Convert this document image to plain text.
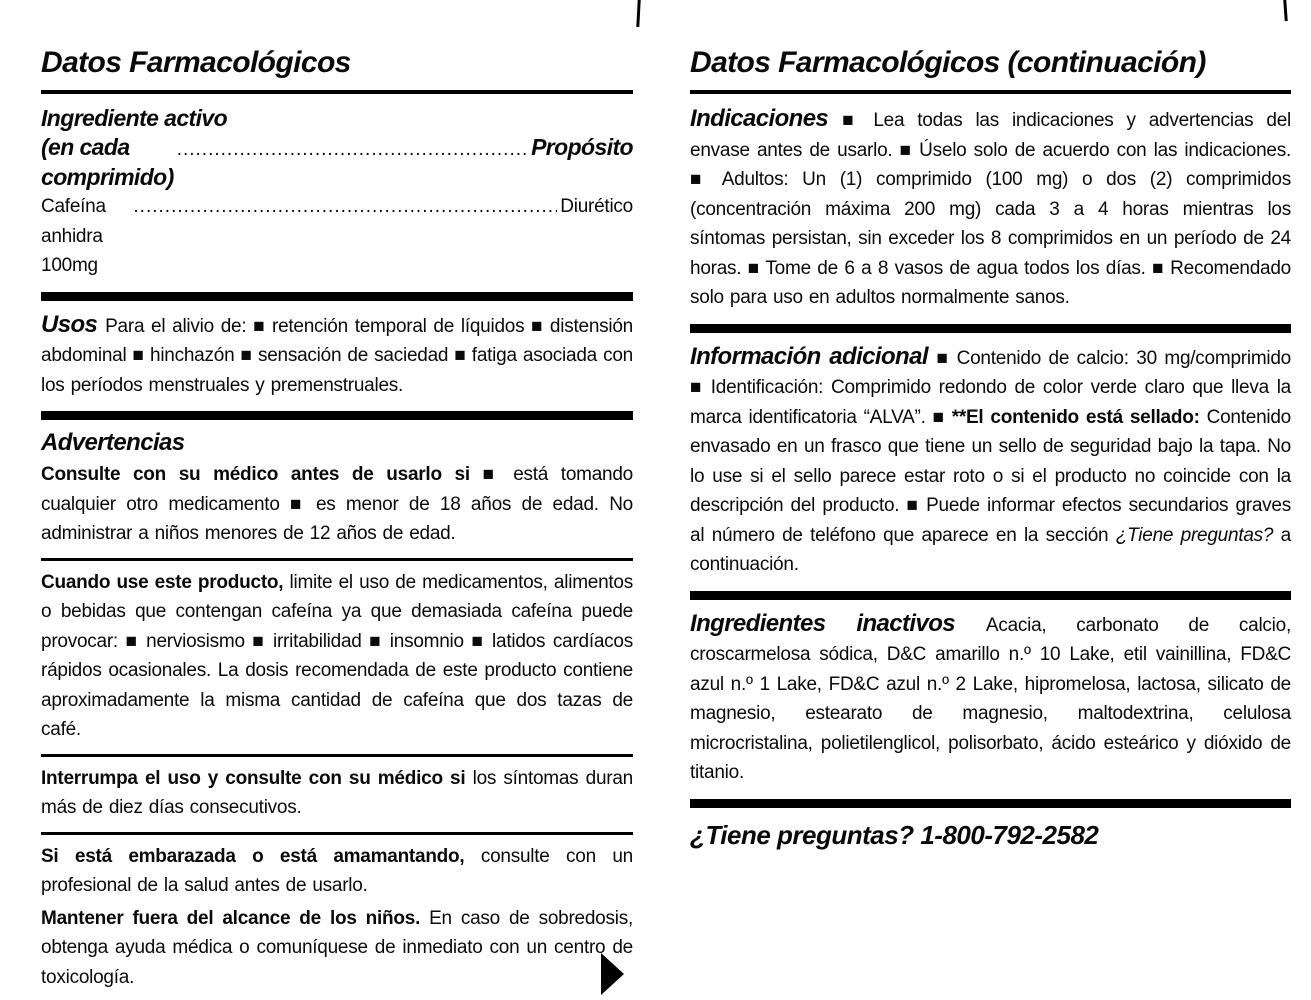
Datos Farmacológicos
Ingrediente activo
(en cada comprimido)
.....
Propósito
Cafeína anhidra 100mg
.....
Diurético

Usos Para el alivio de: ■ retención temporal de líquidos ■ distensión abdominal ■ hinchazón ■ sensación de saciedad ■ fatiga asociada con los períodos menstruales y premenstruales.

Advertencias

Consulte con su médico antes de usarlo si ■ está tomando cualquier otro medicamento ■ es menor de 18 años de edad. No administrar a niños menores de 12 años de edad.

Cuando use este producto, limite el uso de medicamentos, alimentos o bebidas que contengan cafeína ya que demasiada cafeína puede provocar: ■ nerviosismo ■ irritabilidad ■ insomnio ■ latidos cardíacos rápidos ocasionales. La dosis recomendada de este producto contiene aproximadamente la misma cantidad de cafeína que dos tazas de café.

Interrumpa el uso y consulte con su médico si los síntomas duran más de diez días consecutivos.

Si está embarazada o está amamantando, consulte con un profesional de la salud antes de usarlo.

Mantener fuera del alcance de los niños. En caso de sobredosis, obtenga ayuda médica o comuníquese de inmediato con un centro de toxicología.

Datos Farmacológicos (continuación)

Indicaciones ■ Lea todas las indicaciones y advertencias del envase antes de usarlo. ■ Úselo solo de acuerdo con las indicaciones. ■ Adultos: Un (1) comprimido (100 mg) o dos (2) comprimidos (concentración máxima 200 mg) cada 3 a 4 horas mientras los síntomas persistan, sin exceder los 8 comprimidos en un período de 24 horas. ■ Tome de 6 a 8 vasos de agua todos los días. ■ Recomendado solo para uso en adultos normalmente sanos.

Información adicional ■ Contenido de calcio: 30 mg/comprimido ■ Identificación: Comprimido redondo de color verde claro que lleva la marca identificatoria “ALVA”. ■ **El contenido está sellado: Contenido envasado en un frasco que tiene un sello de seguridad bajo la tapa. No lo use si el sello parece estar roto o si el producto no coincide con la descripción del producto. ■ Puede informar efectos secundarios graves al número de teléfono que aparece en la sección ¿Tiene preguntas? a continuación.

Ingredientes inactivos Acacia, carbonato de calcio, croscarmelosa sódica, D&C amarillo n.º 10 Lake, etil vainillina, FD&C azul n.º 1 Lake, FD&C azul n.º 2 Lake, hipromelosa, lactosa, silicato de magnesio, estearato de magnesio, maltodextrina, celulosa microcristalina, polietilenglicol, polisorbato, ácido esteárico y dióxido de titanio.

¿Tiene preguntas? 1-800-792-2582
